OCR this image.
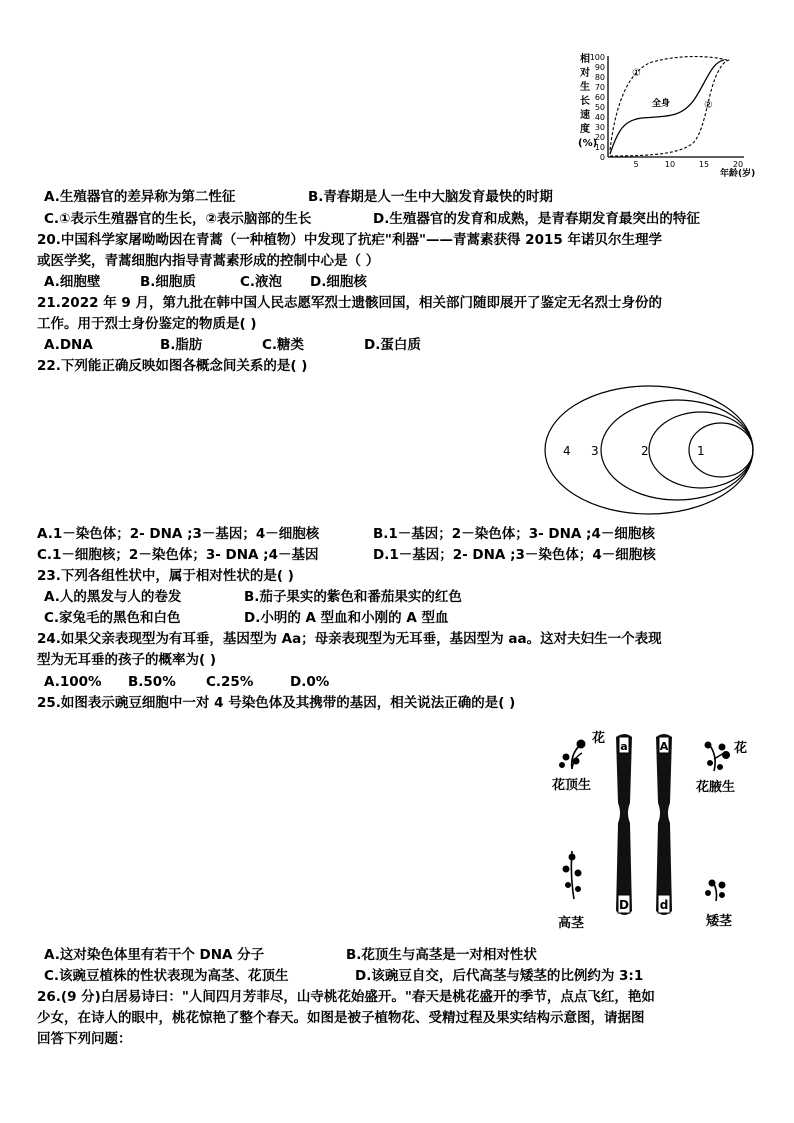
相
对
生
长
速
度
(%)
100
90
80
70
60
50
40
30
20
10
0
5	10	15	20
年龄(岁)
①
全身	②
A.生殖器官的差异称为第二性征	B.青春期是人一生中大脑发育最快的时期
C.①表示生殖器官的生长，②表示脑部的生长	D.生殖器官的发育和成熟，是青春期发育最突出的特征
20.中国科学家屠呦呦因在青蒿（一种植物）中发现了抗疟"利器"——青蒿素获得 2015 年诺贝尔生理学
或医学奖，青蒿细胞内指导青蒿素形成的控制中心是（ ）
A.细胞壁	B.细胞质	C.液泡 D.细胞核
21.2022 年 9 月，第九批在韩中国人民志愿军烈士遗骸回国，相关部门随即展开了鉴定无名烈士身份的
工作。用于烈士身份鉴定的物质是( )
A.DNA	B.脂肪	C.糖类	D.蛋白质
22.下列能正确反映如图各概念间关系的是( )
4 3	2	1
A.1－染色体；2- DNA ;3－基因；4－细胞核	B.1－基因；2－染色体；3- DNA ;4－细胞核
C.1－细胞核；2－染色体；3- DNA ;4－基因	D.1－基因；2- DNA ;3－染色体；4－细胞核
23.下列各组性状中，属于相对性状的是( )
A.人的黑发与人的卷发	B.茄子果实的紫色和番茄果实的红色
C.家兔毛的黑色和白色	D.小明的 A 型血和小刚的 A 型血
24.如果父亲表现型为有耳垂，基因型为 Aa；母亲表现型为无耳垂，基因型为 aa。这对夫妇生一个表现
型为无耳垂的孩子的概率为( )
A.100% B.50% C.25%	D.0%
25.如图表示豌豆细胞中一对 4 号染色体及其携带的基因，相关说法正确的是( )
a	A
D	d
花
花顶生
花
花腋生
高茎	矮茎
A.这对染色体里有若干个 DNA 分子	B.花顶生与高茎是一对相对性状
C.该豌豆植株的性状表现为高茎、花顶生	D.该豌豆自交，后代高茎与矮茎的比例约为 3:1
26.(9 分)白居易诗曰："人间四月芳菲尽，山寺桃花始盛开。"春天是桃花盛开的季节，点点飞红，艳如
少女，在诗人的眼中，桃花惊艳了整个春天。如图是被子植物花、受精过程及果实结构示意图，请据图
回答下列问题：
